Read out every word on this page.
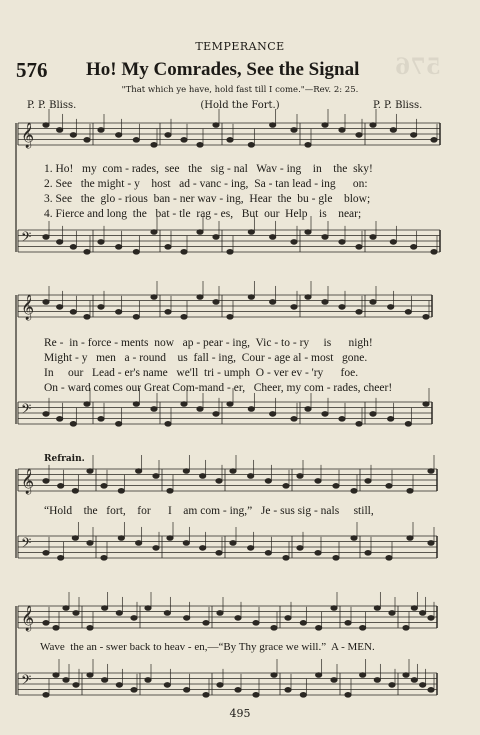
TEMPERANCE
576
576 Ho! My Comrades, See the Signal
"That which ye have, hold fast till I come."—Rev. 2: 25.
P. P. Bliss.	(Hold the Fort.)	P. P. Bliss.
𝄞
𝄢
𝄞
𝄢
𝄞
𝄢
𝄞
𝄢
1. Ho! my com - rades, see the sig - nal Wav - ing in the sky!
2. See the might - y host ad - vanc - ing, Sa - tan lead - ing on:
3. See the glo - rious ban - ner wav - ing, Hear the bu - gle blow;
4. Fierce and long the bat - tle rag - es, But our Help is near;
Re - in - force - ments now ap - pear - ing, Vic - to - ry is nigh!
Might - y men a - round us fall - ing, Cour - age al - most gone.
In our Lead - er's name we'll tri - umph O - ver ev - 'ry foe.
On - ward comes our Great Com-mand - er, Cheer, my com - rades, cheer!
Refrain.
“Hold the fort, for I am com - ing,” Je - sus sig - nals still,
Wave the an - swer back to heav - en,—“By Thy grace we will.” A - MEN.
495
